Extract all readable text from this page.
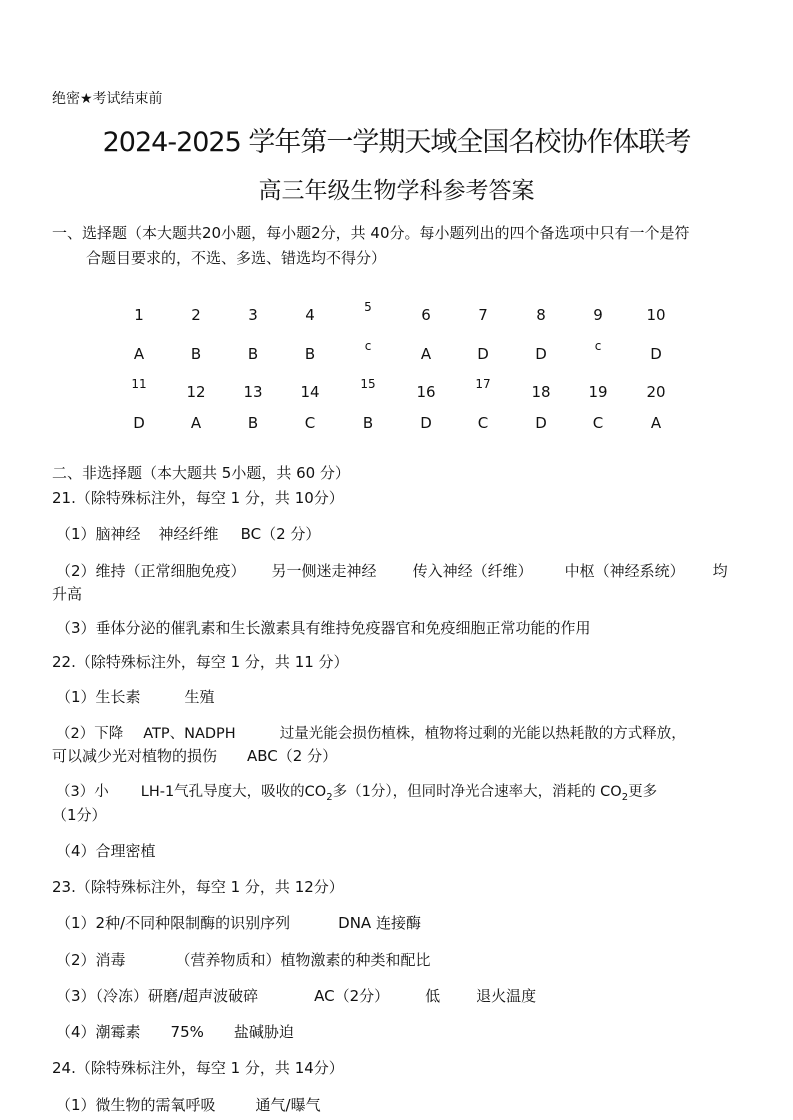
绝密★考试结束前
2024-2025 学年第一学期天域全国名校协作体联考
高三年级生物学科参考答案
一、选择题（本大题共20小题，每小题2分，共 40分。每小题列出的四个备选项中只有一个是符
合题目要求的，不选、多选、错选均不得分）
1	2	3	4	5	6	7	8	9	10
A	B	B	B	c	A	D	D	c	D
11	12	13	14	15	16	17	18	19	20
D	A	B	C	B	D	C	D	C	A
二、非选择题（本大题共 5小题，共 60 分）
21.（除特殊标注外，每空 1 分，共 10分）
（1）脑神经 神经纤维 BC（2 分）
（2）维持（正常细胞免疫） 另一侧迷走神经 传入神经（纤维） 中枢（神经系统） 均
升高
（3）垂体分泌的催乳素和生长激素具有维持免疫器官和免疫细胞正常功能的作用
22.（除特殊标注外，每空 1 分，共 11 分）
（1）生长素	生殖
（2）下降 ATP、NADPH	过量光能会损伤植株，植物将过剩的光能以热耗散的方式释放，
可以减少光对植物的损伤 ABC（2 分）
（3）小 LH-1气孔导度大，吸收的$CO_2$多（1分），但同时净光合速率大，消耗的 $CO_2$更多
（1分）
（4）合理密植
23.（除特殊标注外，每空 1 分，共 12分）
（1）2种/不同种限制酶的识别序列	DNA 连接酶
（2）消毒	（营养物质和）植物激素的种类和配比
（3）（冷冻）研磨/超声波破碎	AC（2分） 低 退火温度
（4）潮霉素 75% 盐碱胁迫
24.（除特殊标注外，每空 1 分，共 14分）
（1）微生物的需氧呼吸	通气/曝气
